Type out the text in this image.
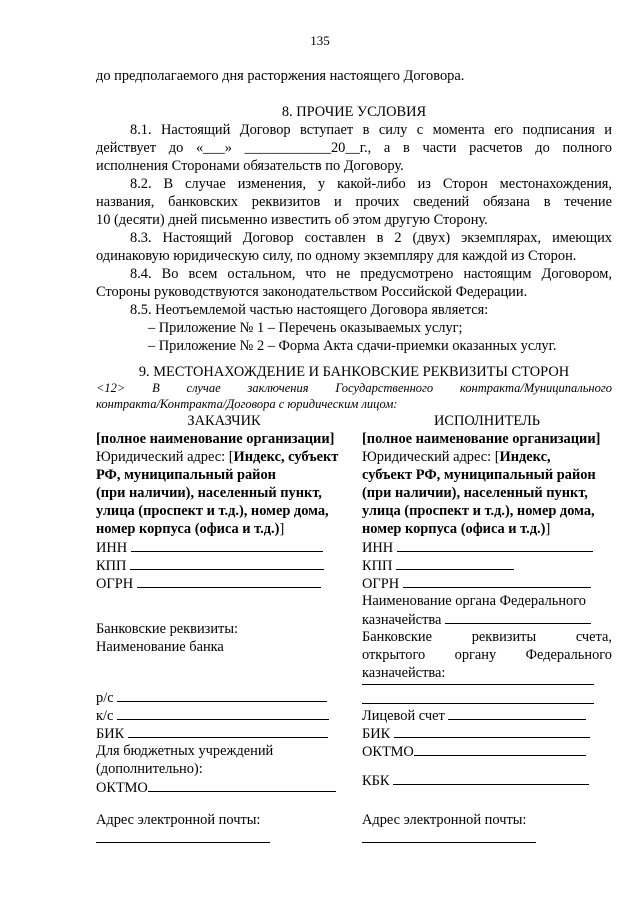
135
до предполагаемого дня расторжения настоящего Договора.
8. ПРОЧИЕ УСЛОВИЯ
8.1. Настоящий Договор вступает в силу с момента его подписания и
действует до «___» ____________20__г., а в части расчетов до полного
исполнения Сторонами обязательств по Договору.
8.2. В случае изменения, у какой-либо из Сторон местонахождения,
названия, банковских реквизитов и прочих сведений обязана в течение
10 (десяти) дней письменно известить об этом другую Сторону.
8.3. Настоящий Договор составлен в 2 (двух) экземплярах, имеющих
одинаковую юридическую силу, по одному экземпляру для каждой из Сторон.
8.4. Во всем остальном, что не предусмотрено настоящим Договором,
Стороны руководствуются законодательством Российской Федерации.
8.5. Неотъемлемой частью настоящего Договора является:
– Приложение № 1 – Перечень оказываемых услуг;
– Приложение № 2 – Форма Акта сдачи-приемки оказанных услуг.
9. МЕСТОНАХОЖДЕНИЕ И БАНКОВСКИЕ РЕКВИЗИТЫ СТОРОН
<12>     В     случае     заключения     Государственного     контракта/Муниципального
контракта/Контракта/Договора с юридическим лицом:
ЗАКАЗЧИК
[полное наименование организации]
Юридический адрес: [Индекс, субъект
РФ, муниципальный район
(при наличии), населенный пункт,
улица (проспект и т.д.), номер дома,
номер корпуса (офиса и т.д.)]
ИНН
КПП
ОГРН
Банковские реквизиты:
Наименование банка
р/с
к/с
БИК
Для бюджетных учреждений
(дополнительно):
ОКТМО
Адрес электронной почты:
ИСПОЛНИТЕЛЬ
[полное наименование организации]
Юридический адрес: [Индекс,
субъект РФ, муниципальный район
(при наличии), населенный пункт,
улица (проспект и т.д.), номер дома,
номер корпуса (офиса и т.д.)]
ИНН
КПП
ОГРН
Наименование органа Федерального
казначейства
Банковские      реквизиты      счета,
открытого    органу    Федерального
казначейства:
Лицевой счет
БИК
ОКТМО
КБК
Адрес электронной почты:
